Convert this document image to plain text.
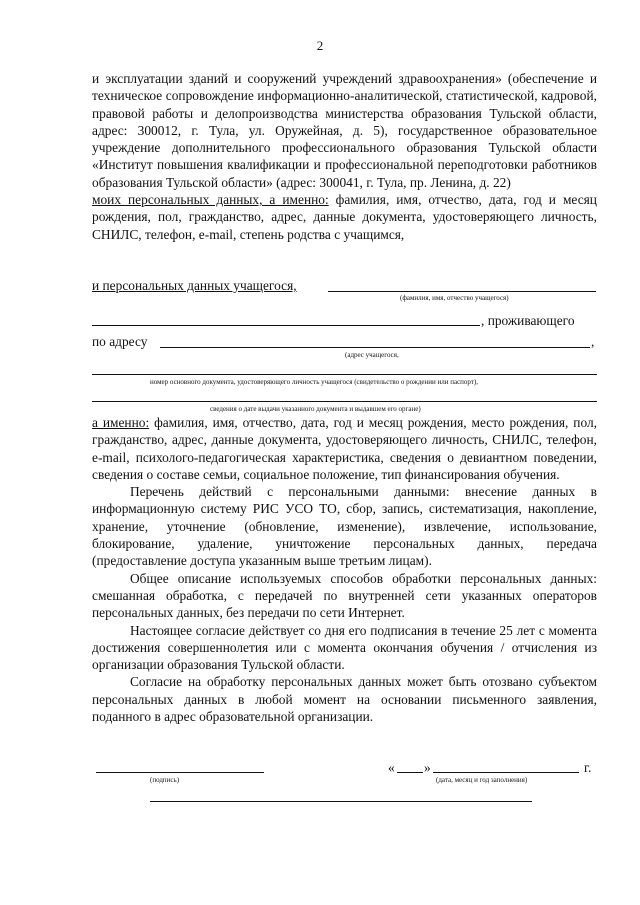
2

и эксплуатации зданий и сооружений учреждений здравоохранения» (обеспечение и техническое сопровождение информационно-аналитической, статистической, кадровой, правовой работы и делопроизводства министерства образования Тульской области, адрес: 300012, г. Тула, ул. Оружейная, д. 5), государственное образовательное учреждение дополнительного профессионального образования Тульской области «Институт повышения квалификации и профессиональной переподготовки работников образования Тульской области» (адрес: 300041, г. Тула, пр. Ленина, д. 22)

моих персональных данных, а именно: фамилия, имя, отчество, дата, год и месяц рождения, пол, гражданство, адрес, данные документа, удостоверяющего личность, СНИЛС, телефон, e-mail, степень родства с учащимся,

и персональных данных учащегося,
(фамилия, имя, отчество учащегося)
, проживающего
по адресу	,
(адрес учащегося,
номер основного документа, удостоверяющего личность учащегося (свидетельство о рождении или паспорт),
сведения о дате выдачи указанного документа и выдавшем его органе)

а именно: фамилия, имя, отчество, дата, год и месяц рождения, место рождения, пол, гражданство, адрес, данные документа, удостоверяющего личность, СНИЛС, телефон, e-mail, психолого-педагогическая характеристика, сведения о девиантном поведении, сведения о составе семьи, социальное положение, тип финансирования обучения.

Перечень действий с персональными данными: внесение данных в информационную систему РИС УСО ТО, сбор, запись, систематизация, накопление, хранение, уточнение (обновление, изменение), извлечение, использование, блокирование, удаление, уничтожение персональных данных, передача (предоставление доступа указанным выше третьим лицам).

Общее описание используемых способов обработки персональных данных: смешанная обработка, с передачей по внутренней сети указанных операторов персональных данных, без передачи по сети Интернет.

Настоящее согласие действует со дня его подписания в течение 25 лет с момента достижения совершеннолетия или с момента окончания обучения / отчисления из организации образования Тульской области.

Согласие на обработку персональных данных может быть отозвано субъектом персональных данных в любой момент на основании письменного заявления, поданного в адрес образовательной организации.

(подпись)
« »	г.
(дата, месяц и год заполнения)
